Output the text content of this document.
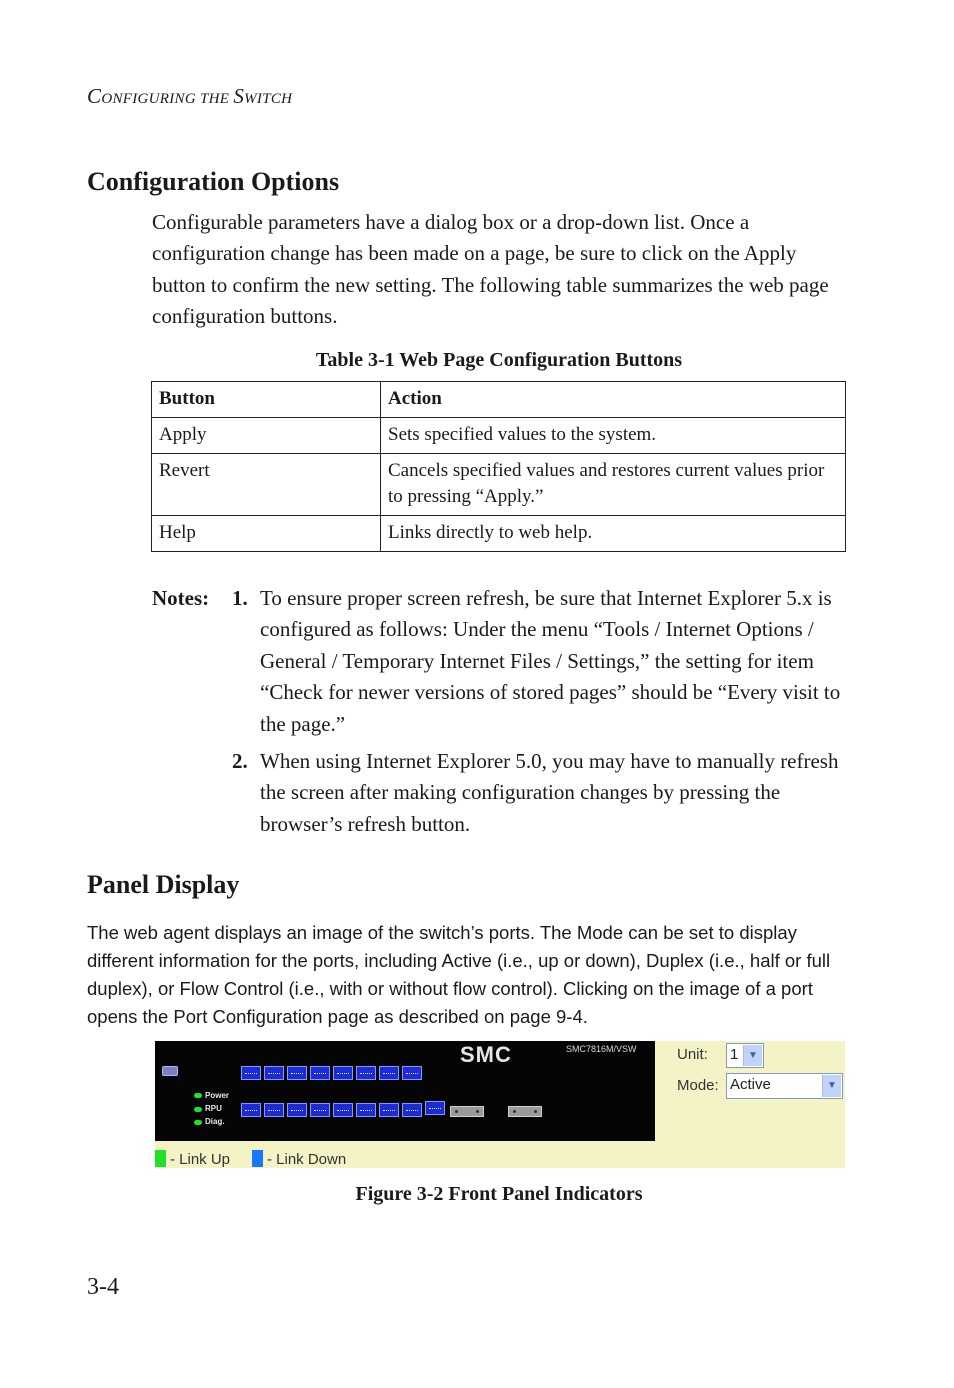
CONFIGURING THE SWITCH
Configuration Options
Configurable parameters have a dialog box or a drop-down list. Once a configuration change has been made on a page, be sure to click on the Apply button to confirm the new setting. The following table summarizes the web page configuration buttons.
Table 3-1 Web Page Configuration Buttons
Button	Action
Apply	Sets specified values to the system.
Revert	Cancels specified values and restores current values prior to pressing “Apply.”
Help	Links directly to web help.
Notes:	1. To ensure proper screen refresh, be sure that Internet Explorer 5.x is configured as follows: Under the menu “Tools / Internet Options / General / Temporary Internet Files / Settings,” the setting for item “Check for newer versions of stored pages” should be “Every visit to the page.”
2. When using Internet Explorer 5.0, you may have to manually refresh the screen after making configuration changes by pressing the browser’s refresh button.
Panel Display
The web agent displays an image of the switch’s ports. The Mode can be set to display different information for the ports, including Active (i.e., up or down), Duplex (i.e., half or full duplex), or Flow Control (i.e., with or without flow control). Clicking on the image of a port opens the Port Configuration page as described on page 9-4.
SMC	SMC7816M/VSW
Power
RPU
Diag.
- Link Up	- Link Down
Unit: 1 ▼
Mode: Active	▼
Figure 3-2 Front Panel Indicators
3-4
